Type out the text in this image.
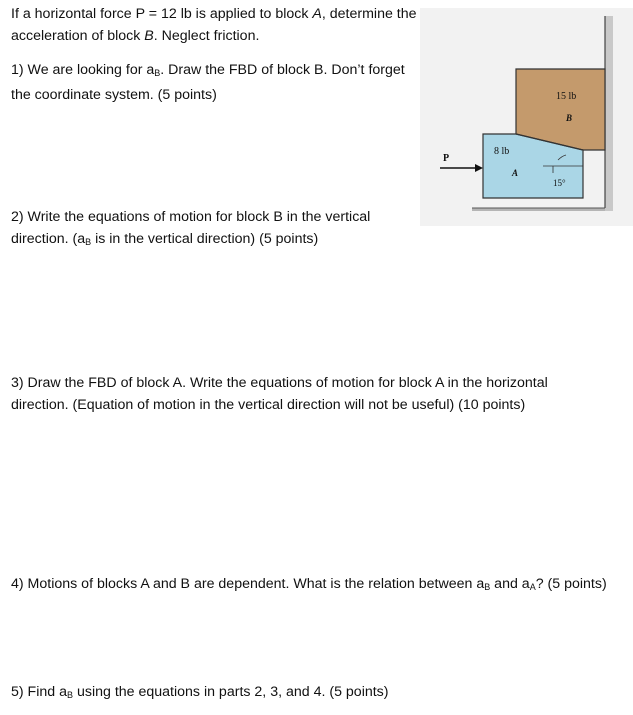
If a horizontal force P = 12 lb is applied to block A, determine the
acceleration of block B. Neglect friction.

1) We are looking for $a_B$. Draw the FBD of block B. Don’t forget
the coordinate system. (5 points)

2) Write the equations of motion for block B in the vertical
direction. ($a_B$ is in the vertical direction) (5 points)

3) Draw the FBD of block A. Write the equations of motion for block A in the horizontal
direction. (Equation of motion in the vertical direction will not be useful) (10 points)

4) Motions of blocks A and B are dependent. What is the relation between $a_B$ and $a_A$? (5 points)

5) Find $a_B$ using the equations in parts 2, 3, and 4. (5 points)

P
15 lb
B
8 lb
A
15°
